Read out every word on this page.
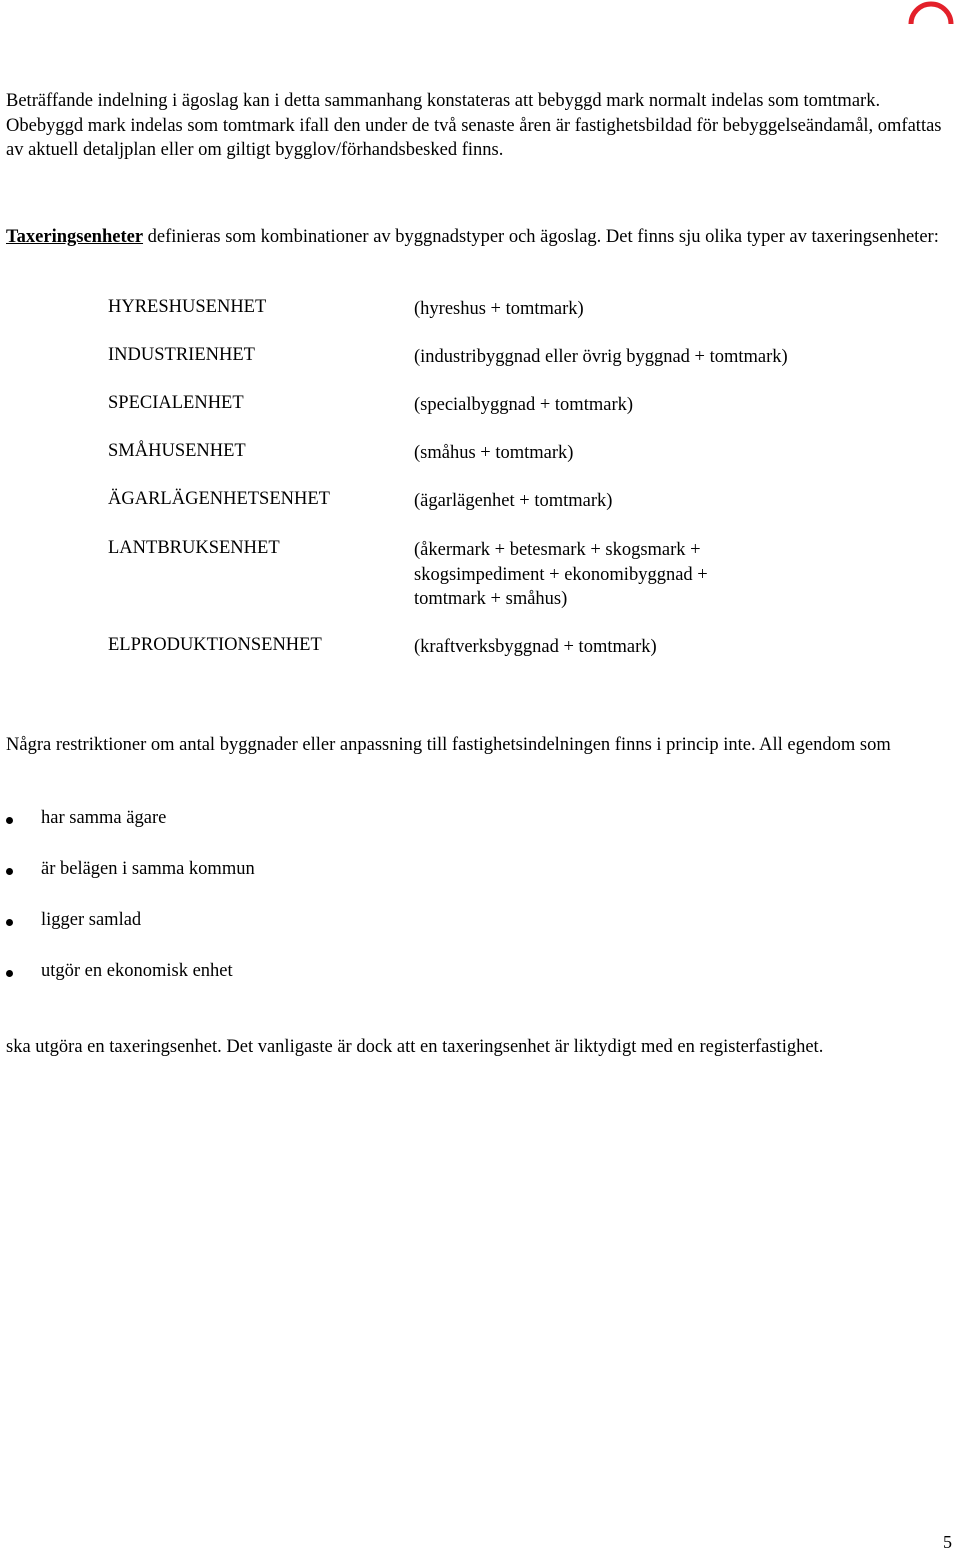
Beträffande indelning i ägoslag kan i detta sammanhang konstateras att bebyggd mark normalt indelas som tomtmark. Obebyggd mark indelas som tomtmark ifall den under de två senaste åren är fastighetsbildad för bebyggelseändamål, omfattas av aktuell detaljplan eller om giltigt bygglov/förhandsbesked finns.

Taxeringsenheter definieras som kombinationer av byggnadstyper och ägoslag. Det finns sju olika typer av taxeringsenheter:

HYRESHUSENHET	(hyreshus + tomtmark)
INDUSTRIENHET	(industribyggnad eller övrig byggnad + tomtmark)
SPECIALENHET	(specialbyggnad + tomtmark)
SMÅHUSENHET	(småhus + tomtmark)
ÄGARLÄGENHETSENHET	(ägarlägenhet + tomtmark)
LANTBRUKSENHET	(åkermark + betesmark + skogsmark + skogsimpediment + ekonomibyggnad + tomtmark + småhus)
ELPRODUKTIONSENHET	(kraftverksbyggnad + tomtmark)

Några restriktioner om antal byggnader eller anpassning till fastighetsindelningen finns i princip inte. All egendom som

har samma ägare
är belägen i samma kommun
ligger samlad
utgör en ekonomisk enhet

ska utgöra en taxeringsenhet. Det vanligaste är dock att en taxeringsenhet är liktydigt med en registerfastighet.

5
